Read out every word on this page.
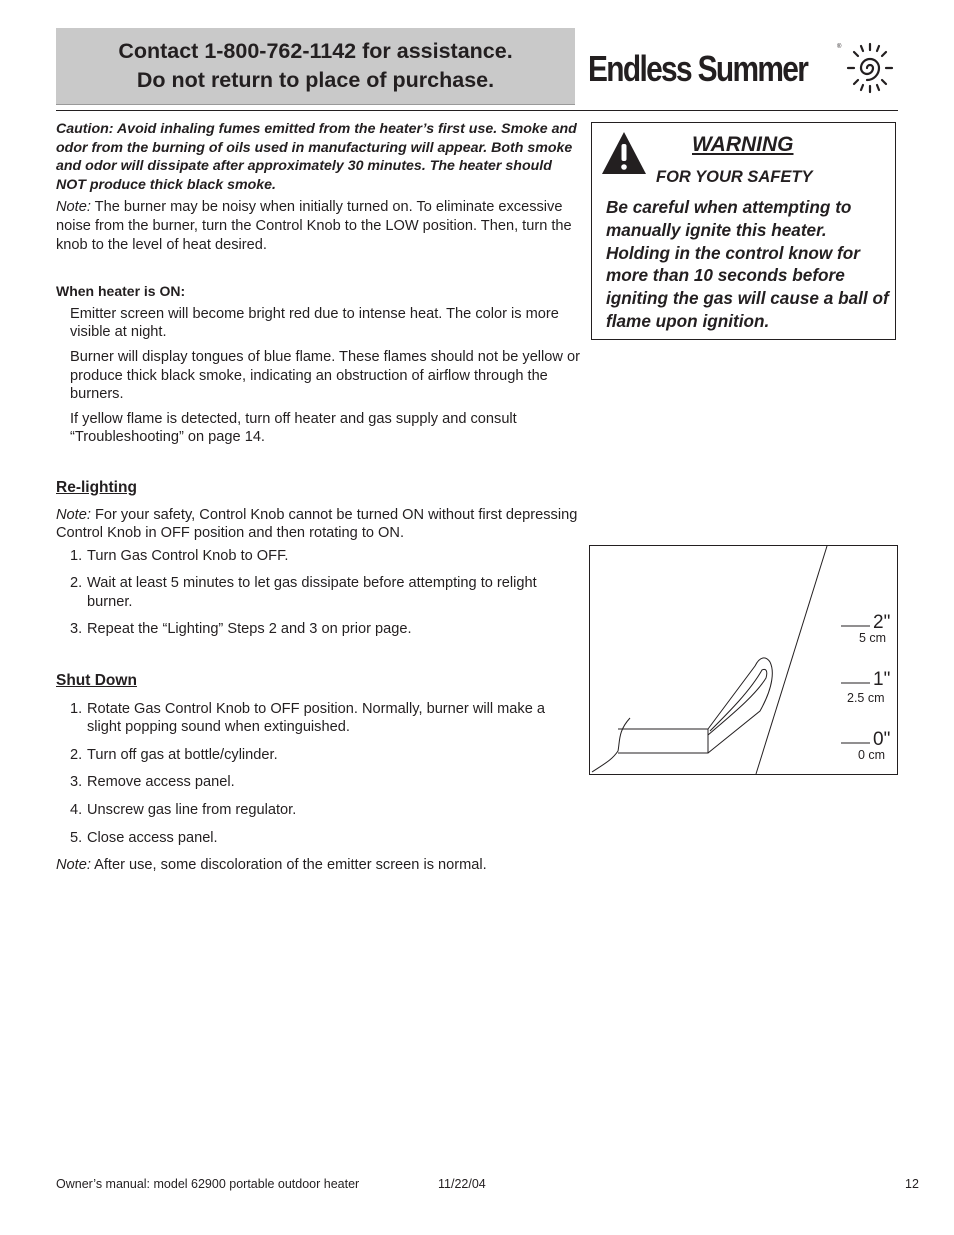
Contact 1-800-762-1142 for assistance.
Do not return to place of purchase.	Endless Summer
®

Caution: Avoid inhaling fumes emitted from the heater’s first use. Smoke and odor from the burning of oils used in manufacturing will appear. Both smoke and odor will dissipate after approximately 30 minutes. The heater should NOT produce thick black smoke.

Note: The burner may be noisy when initially turned on. To eliminate excessive noise from the burner, turn the Control Knob to the LOW position. Then, turn the knob to the level of heat desired.

When heater is ON:

Emitter screen will become bright red due to intense heat. The color is more visible at night.

Burner will display tongues of blue flame. These flames should not be yellow or produce thick black smoke, indicating an obstruction of airflow through the burners.

If yellow flame is detected, turn off heater and gas supply and consult “Troubleshooting” on page 14.

Re-lighting

Note: For your safety, Control Knob cannot be turned ON without first depressing Control Knob in OFF position and then rotating to ON.

1. Turn Gas Control Knob to OFF.
2. Wait at least 5 minutes to let gas dissipate before attempting to relight burner.
3. Repeat the “Lighting” Steps 2 and 3 on prior page.

Shut Down

1. Rotate Gas Control Knob to OFF position. Normally, burner will make a slight popping sound when extinguished.
2. Turn off gas at bottle/cylinder.
3. Remove access panel.
4. Unscrew gas line from regulator.
5. Close access panel.

Note: After use, some discoloration of the emitter screen is normal.

WARNING
FOR YOUR SAFETY
Be careful when attempting to manually ignite this heater. Holding in the control know for more than 10 seconds before igniting the gas will cause a ball of flame upon ignition.
2"
5 cm
1"
2.5 cm
0"
0 cm
Owner’s manual: model 62900 portable outdoor heater	11/22/04	12
